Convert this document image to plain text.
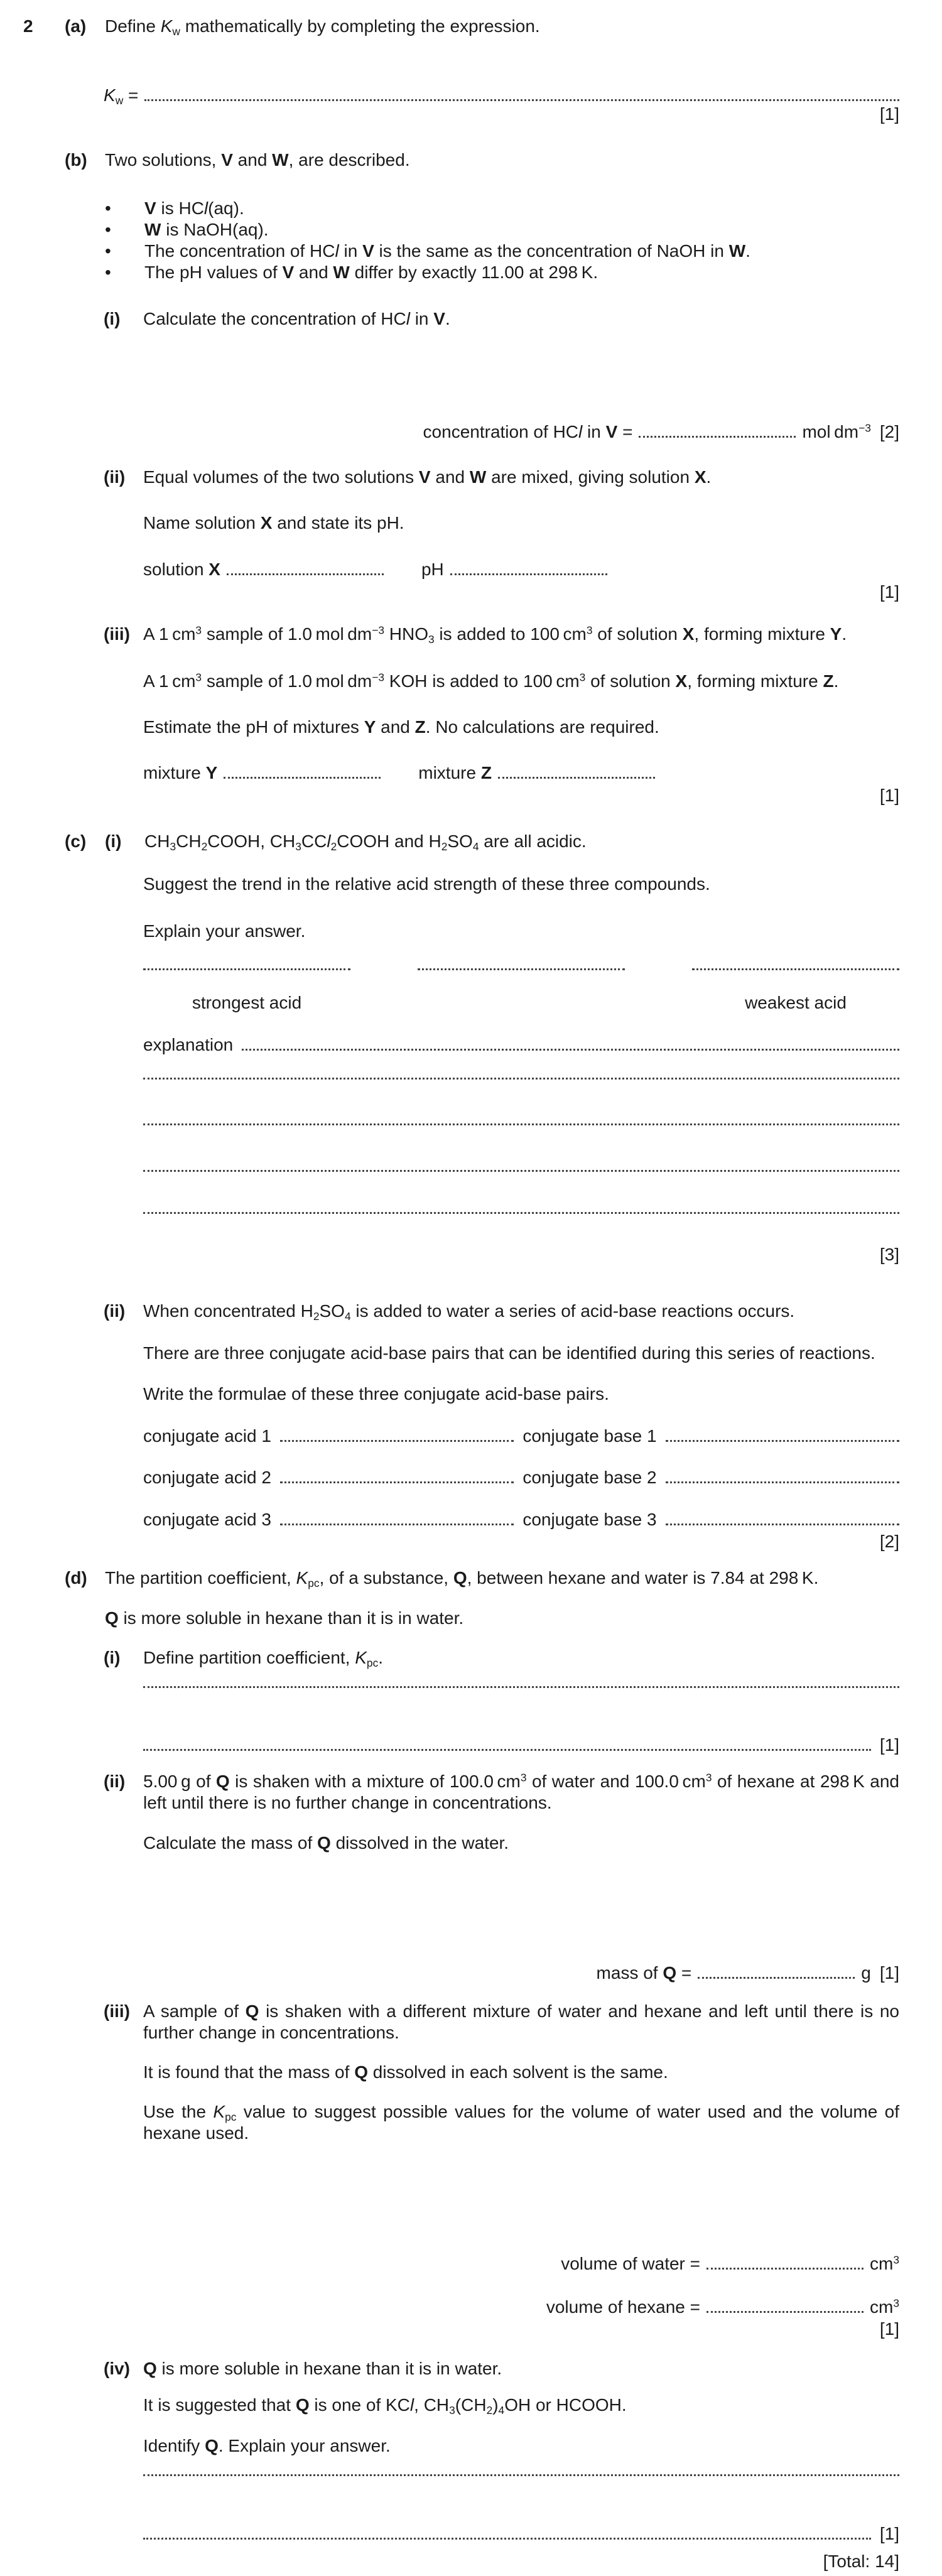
2	(a)	Define $K_w$ mathematically by completing the expression.
$K_w$ =
[1]
(b)	Two solutions, V and W, are described.
•	V is HCl(aq).
•	W is NaOH(aq).
•	The concentration of HCl in V is the same as the concentration of NaOH in W.
•	The pH values of V and W differ by exactly 11.00 at 298 K.
(i)	Calculate the concentration of HCl in V.
concentration of HCl in V =	mol $dm^{-3}$ [2]
(ii)	Equal volumes of the two solutions V and W are mixed, giving solution X.
Name solution X and state its pH.
solution X	pH
[1]
(iii) A 1 $cm^3$ sample of 1.0 mol $dm^{-3}$ $HNO_3$ is added to 100 $cm^3$ of solution X, forming mixture Y.
A 1 $cm^3$ sample of 1.0 mol $dm^{-3}$ KOH is added to 100 $cm^3$ of solution X, forming mixture Z.
Estimate the pH of mixtures Y and Z. No calculations are required.
mixture Y	mixture Z
[1]
(c)	(i)	$CH_3CH_2COOH$, $CH_3CCl_2COOH$ and $H_2SO_4$ are all acidic.
Suggest the trend in the relative acid strength of these three compounds.
Explain your answer.
strongest acid	weakest acid
explanation
[3]
(ii)	When concentrated $H_2SO_4$ is added to water a series of acid-base reactions occurs.
There are three conjugate acid-base pairs that can be identified during this series of reactions.
Write the formulae of these three conjugate acid-base pairs.
conjugate acid 1	conjugate base 1
conjugate acid 2	conjugate base 2
conjugate acid 3	conjugate base 3
[2]
(d)	The partition coefficient, $K_{pc}$, of a substance, Q, between hexane and water is 7.84 at 298 K.
Q is more soluble in hexane than it is in water.
(i)	Define partition coefficient, $K_{pc}$.
[1]
(ii)	5.00 g of Q is shaken with a mixture of 100.0 $cm^3$ of water and 100.0 $cm^3$ of hexane at 298 K and left until there is no further change in concentrations.
Calculate the mass of Q dissolved in the water.
mass of Q =	g [1]
(iii) A sample of Q is shaken with a different mixture of water and hexane and left until there is no further change in concentrations.
It is found that the mass of Q dissolved in each solvent is the same.
Use the $K_{pc}$ value to suggest possible values for the volume of water used and the volume of hexane used.
volume of water =	$cm^3$
volume of hexane =	$cm^3$
[1]
(iv) Q is more soluble in hexane than it is in water.
It is suggested that Q is one of KCl, $CH_3(CH_2)_4OH$ or HCOOH.
Identify Q. Explain your answer.
[1]
[Total: 14]
